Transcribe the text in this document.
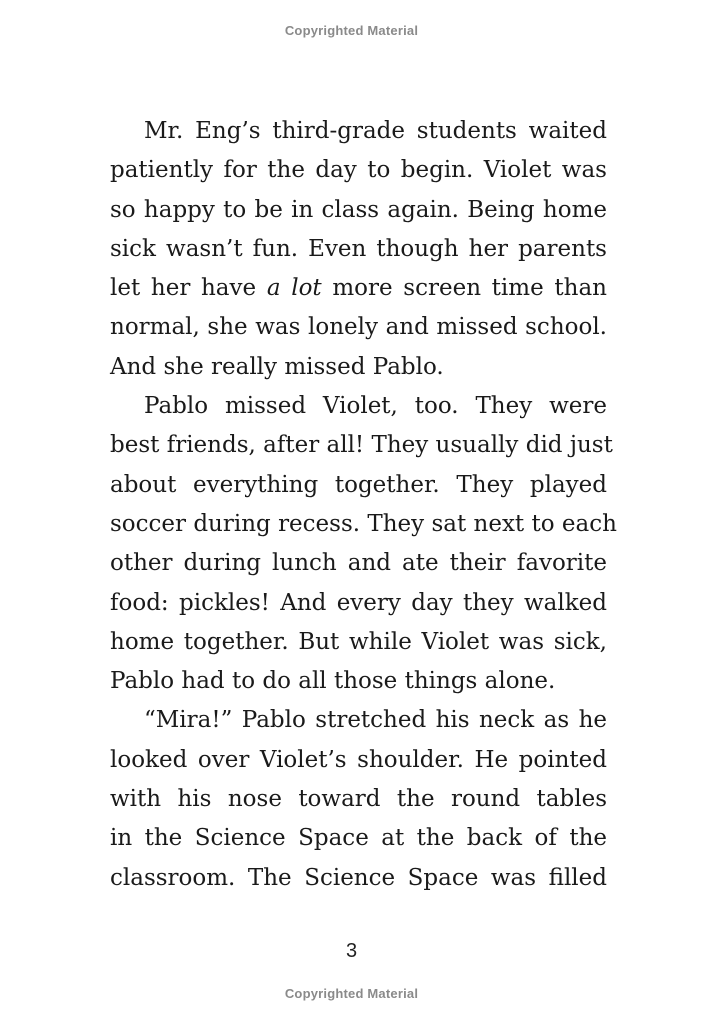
Copyrighted Material
Mr. Eng’s third-grade students waited
patiently for the day to begin. Violet was
so happy to be in class again. Being home
sick wasn’t fun. Even though her parents
let her have a lot more screen time than
normal, she was lonely and missed school.
And she really missed Pablo.
Pablo missed Violet, too. They were
best friends, after all! They usually did just
about everything together. They played
soccer during recess. They sat next to each
other during lunch and ate their favorite
food: pickles! And every day they walked
home together. But while Violet was sick,
Pablo had to do all those things alone.
“Mira!” Pablo stretched his neck as he
looked over Violet’s shoulder. He pointed
with his nose toward the round tables
in the Science Space at the back of the
classroom. The Science Space was filled
3
Copyrighted Material
